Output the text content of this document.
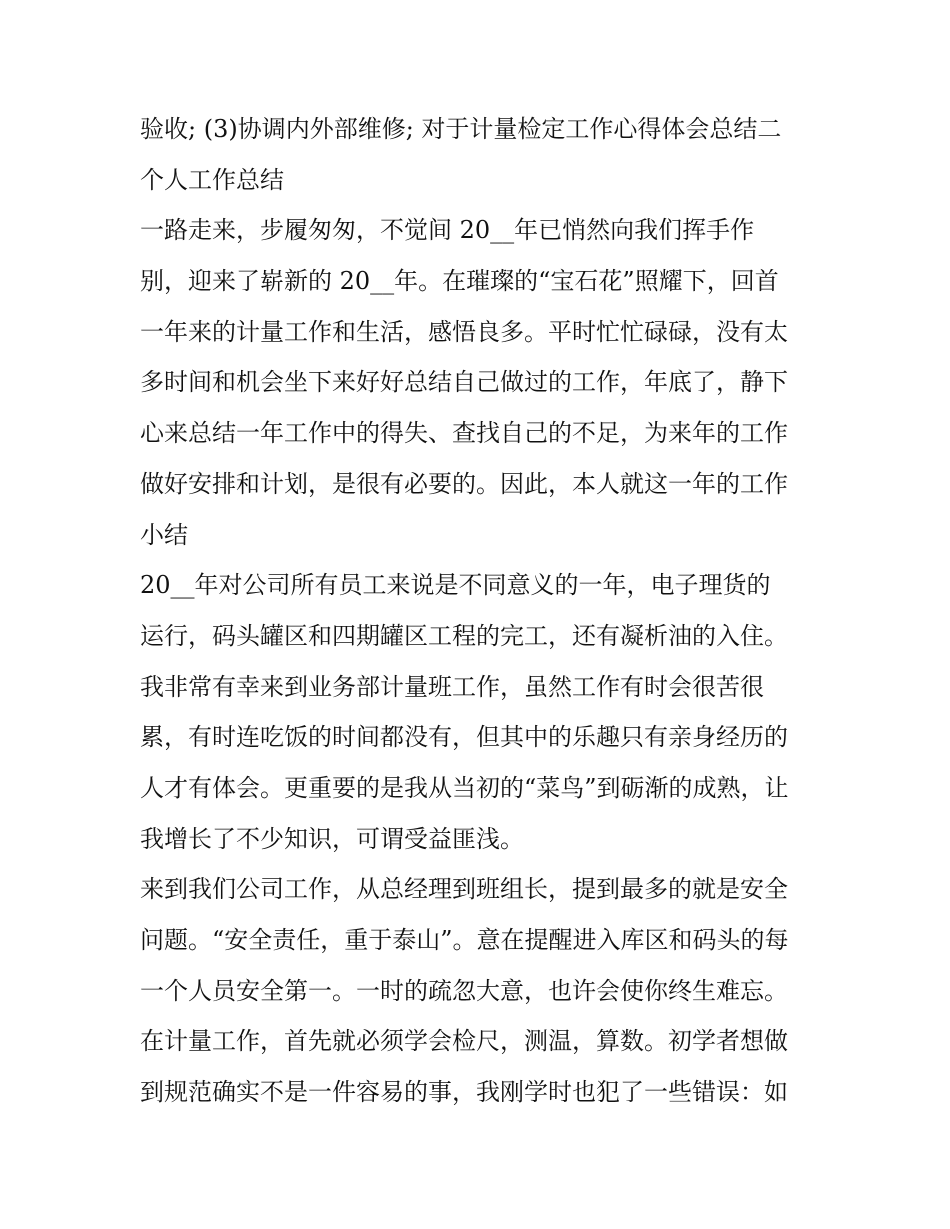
验收; (3)协调内外部维修; 对于计量检定工作心得体会总结二
个人工作总结
一路走来，步履匆匆，不觉间 20__年已悄然向我们挥手作
别，迎来了崭新的 20__年。在璀璨的“宝石花”照耀下，回首
一年来的计量工作和生活，感悟良多。平时忙忙碌碌，没有太
多时间和机会坐下来好好总结自己做过的工作，年底了，静下
心来总结一年工作中的得失、查找自己的不足，为来年的工作
做好安排和计划，是很有必要的。因此，本人就这一年的工作
小结
20__年对公司所有员工来说是不同意义的一年，电子理货的
运行，码头罐区和四期罐区工程的完工，还有凝析油的入住。
我非常有幸来到业务部计量班工作，虽然工作有时会很苦很
累，有时连吃饭的时间都没有，但其中的乐趣只有亲身经历的
人才有体会。更重要的是我从当初的“菜鸟”到砺渐的成熟，让
我增长了不少知识，可谓受益匪浅。
来到我们公司工作，从总经理到班组长，提到最多的就是安全
问题。“安全责任，重于泰山”。意在提醒进入库区和码头的每
一个人员安全第一。一时的疏忽大意，也许会使你终生难忘。
在计量工作，首先就必须学会检尺，测温，算数。初学者想做
到规范确实不是一件容易的事，我刚学时也犯了一些错误：如
